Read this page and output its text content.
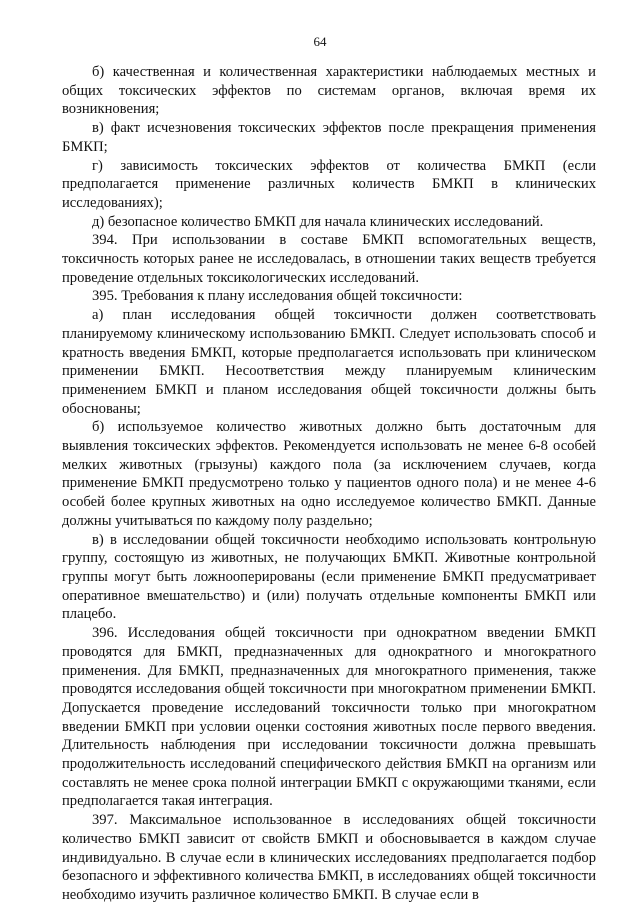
64

б) качественная и количественная характеристики наблюдаемых местных и общих токсических эффектов по системам органов, включая время их возникновения;

в) факт исчезновения токсических эффектов после прекращения применения БМКП;

г) зависимость токсических эффектов от количества БМКП (если предполагается применение различных количеств БМКП в клинических исследованиях);

д) безопасное количество БМКП для начала клинических исследований.

394. При использовании в составе БМКП вспомогательных веществ, токсичность которых ранее не исследовалась, в отношении таких веществ требуется проведение отдельных токсикологических исследований.

395. Требования к плану исследования общей токсичности:

а) план исследования общей токсичности должен соответствовать планируемому клиническому использованию БМКП. Следует использовать способ и кратность введения БМКП, которые предполагается использовать при клиническом применении БМКП. Несоответствия между планируемым клиническим применением БМКП и планом исследования общей токсичности должны быть обоснованы;

б) используемое количество животных должно быть достаточным для выявления токсических эффектов. Рекомендуется использовать не менее 6-8 особей мелких животных (грызуны) каждого пола (за исключением случаев, когда применение БМКП предусмотрено только у пациентов одного пола) и не менее 4-6 особей более крупных животных на одно исследуемое количество БМКП. Данные должны учитываться по каждому полу раздельно;

в) в исследовании общей токсичности необходимо использовать контрольную группу, состоящую из животных, не получающих БМКП. Животные контрольной группы могут быть ложнооперированы (если применение БМКП предусматривает оперативное вмешательство) и (или) получать отдельные компоненты БМКП или плацебо.

396. Исследования общей токсичности при однократном введении БМКП проводятся для БМКП, предназначенных для однократного и многократного применения. Для БМКП, предназначенных для многократного применения, также проводятся исследования общей токсичности при многократном применении БМКП. Допускается проведение исследований токсичности только при многократном введении БМКП при условии оценки состояния животных после первого введения. Длительность наблюдения при исследовании токсичности должна превышать продолжительность исследований специфического действия БМКП на организм или составлять не менее срока полной интеграции БМКП с окружающими тканями, если предполагается такая интеграция.

397. Максимальное использованное в исследованиях общей токсичности количество БМКП зависит от свойств БМКП и обосновывается в каждом случае индивидуально. В случае если в клинических исследованиях предполагается подбор безопасного и эффективного количества БМКП, в исследованиях общей токсичности необходимо изучить различное количество БМКП. В случае если в
